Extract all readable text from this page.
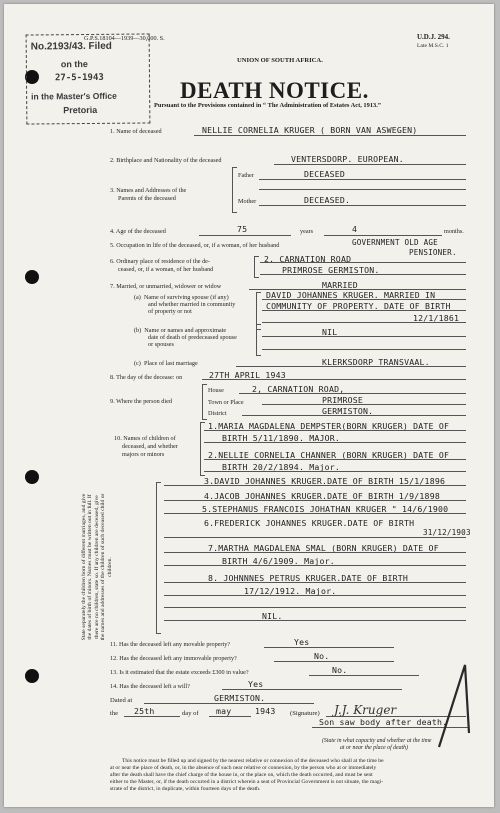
No.2193/43. Filed
on the
27-5-1943
in the Master's Office
Pretoria
G.P.S.18104—1939—30,000. S.
UNION OF SOUTH AFRICA.
U.D.J. 294.
Late M.S.C. 1
DEATH NOTICE.
Pursuant to the Provisions contained in “ The Administration of Estates Act, 1913.”
1. Name of deceased	NELLIE CORNELIA KRUGER ( BORN VAN ASWEGEN)
2. Birthplace and Nationality of the deceased	VENTERSDORP. EUROPEAN.
3. Names and Addresses of the
Parents of the deceased
Father	DECEASED
Mother	DECEASED.
4. Age of the deceased	75	years	4	months.
5. Occupation in life of the deceased, or, if a woman, of her husband	GOVERNMENT OLD AGE
PENSIONER.
6. Ordinary place of residence of the de-
ceased, or, if a woman, of her husband
2, CARNATION ROAD
PRIMROSE GERMISTON.
7. Married, or unmarried, widower or widow	MARRIED
(a)  Name of surviving spouse (if any)
and whether married in community
of property or not
DAVID JOHANNES KRUGER. MARRIED IN
COMMUNITY OF PROPERTY. DATE OF BIRTH
12/1/1861
(b)  Name or names and approximate
date of death of predeceased spouse
or spouses
NIL
(c)  Place of last marriage	KLERKSDORP TRANSVAAL.
8. The day of the decease: on	27TH APRIL 1943
9. Where the person died
House	2, CARNATION ROAD,
Town or Place	PRIMROSE
District	GERMISTON.
10. Names of children of
deceased, and whether
majors or minors
State separately the children born of different marriages, and give the dates of birth of minors. Names must be written out in full. If there are no children, state so. If any children are deceased, give the names and addresses of the children of such deceased child or children.
1.MARIA MAGDALENA DEMPSTER(BORN KRUGER) DATE OF
BIRTH 5/11/1890. MAJOR.
2.NELLIE CORNELIA CHANNER (BORN KRUGER) DATE OF
BIRTH 20/2/1894. Major.
3.DAVID JOHANNES KRUGER.DATE OF BIRTH 15/1/1896
4.JACOB JOHANNES KRUGER.DATE OF BIRTH 1/9/1898
5.STEPHANUS FRANCOIS JOHATHAN KRUGER " 14/6/1900
6.FREDERICK JOHANNES KRUGER.DATE OF BIRTH
31/12/1903
7.MARTHA MAGDALENA SMAL (BORN KRUGER) DATE OF
BIRTH 4/6/1909. Major.
8. JOHNNNES PETRUS KRUGER.DATE OF BIRTH
17/12/1912. Major.
NIL.
11. Has the deceased left any movable property?	Yes
12. Has the deceased left any immovable property?	No.
13. Is it estimated that the estate exceeds £300 in value?	No.
14. Has the deceased left a will?	Yes
Dated at	GERMISTON.
the 25th	day of may	1943 (Signature) J.J. Kruger
Son saw body after death.
(State in what capacity and whether at the time
at or near the place of death)
This notice must be filled up and signed by the nearest relative or connexion of the deceased who shall at the time be
at or near the place of death, or, in the absence of such near relative or connexion, by the person who at or immediately
after the death shall have the chief charge of the house in, or the place on, which the death occurred, and must be sent
either to the Master, or, if the death occurred in a district wherein a seat of Provincial Government is not situate, the magi-
strate of the district, in duplicate, within fourteen days of the death.
